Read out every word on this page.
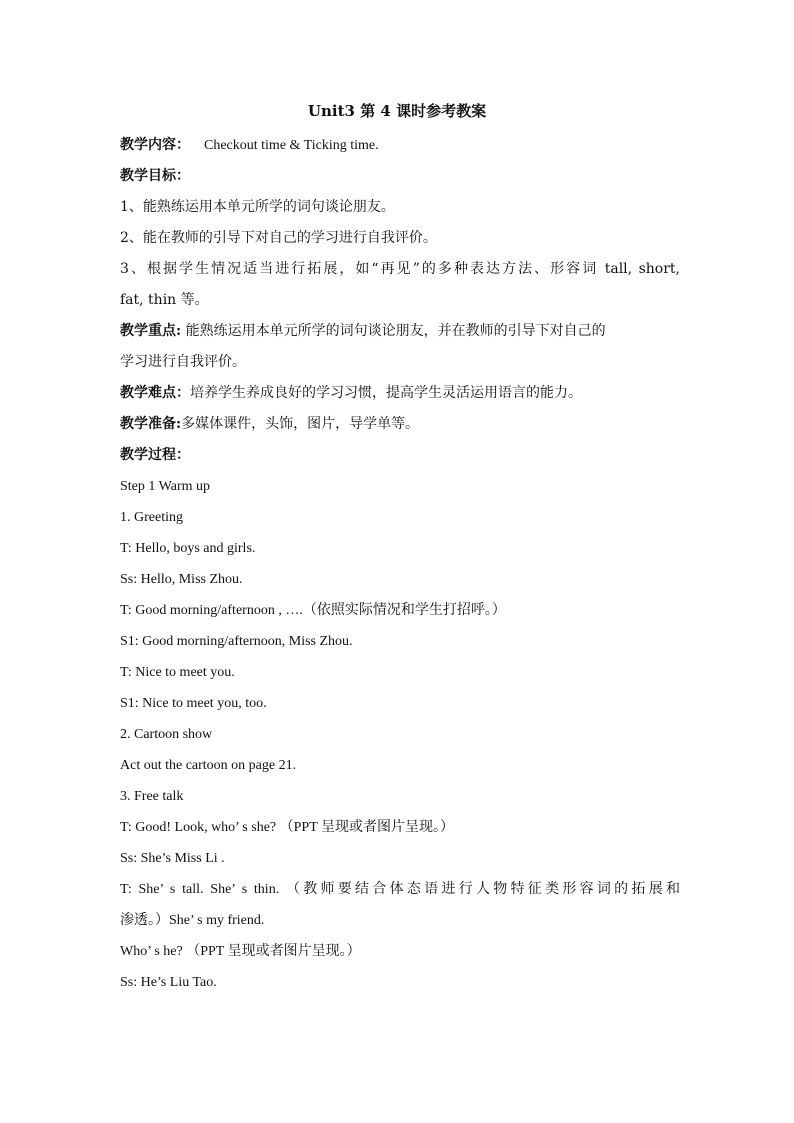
Unit3 第 4 课时参考教案
教学内容： Checkout time & Ticking time.
教学目标：
1、能熟练运用本单元所学的词句谈论朋友。
2、能在教师的引导下对自己的学习进行自我评价。
3、根据学生情况适当进行拓展，如“再见”的多种表达方法、形容词 tall, short,
fat, thin 等。
教学重点: 能熟练运用本单元所学的词句谈论朋友，并在教师的引导下对自己的
学习进行自我评价。
教学难点：培养学生养成良好的学习习惯，提高学生灵活运用语言的能力。
教学准备:多媒体课件，头饰，图片，导学单等。
教学过程：
Step 1 Warm up
1. Greeting
T: Hello, boys and girls.
Ss: Hello, Miss Zhou.
T: Good morning/afternoon , ….（依照实际情况和学生打招呼。）
S1: Good morning/afternoon, Miss Zhou.
T: Nice to meet you.
S1: Nice to meet you, too.
2. Cartoon show
Act out the cartoon on page 21.
3. Free talk
T: Good! Look, who’ s she? （PPT 呈现或者图片呈现。）
Ss: She’s Miss Li .
T: She’ s tall. She’ s thin. （教师要结合体态语进行人物特征类形容词的拓展和
渗透。）She’ s my friend.
Who’ s he? （PPT 呈现或者图片呈现。）
Ss: He’s Liu Tao.
